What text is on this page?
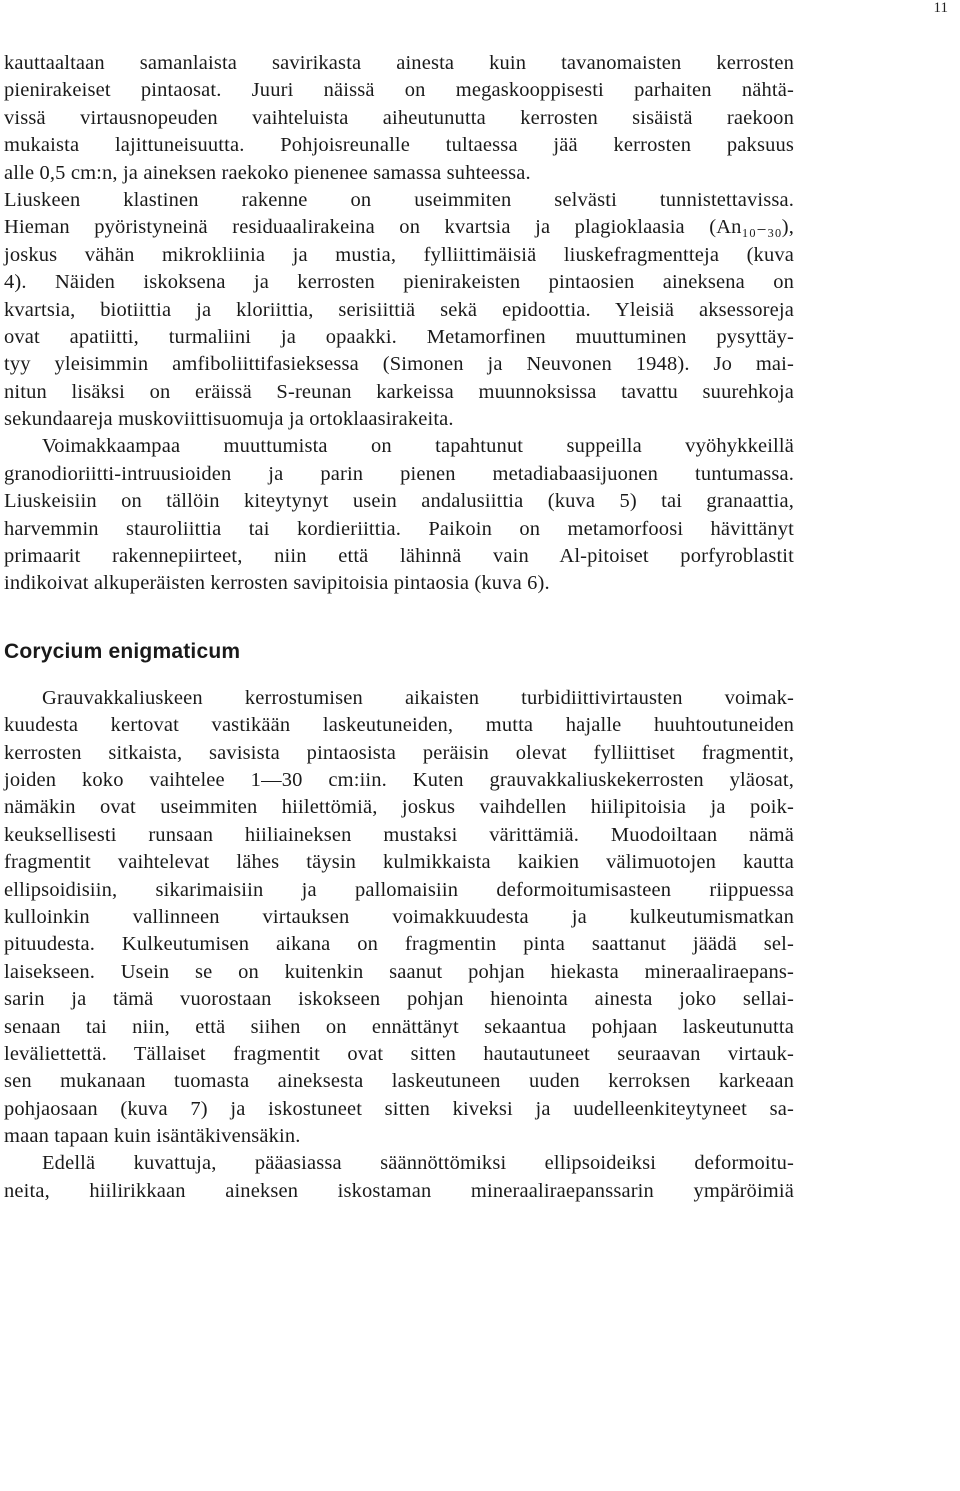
11
kauttaaltaan samanlaista savirikasta ainesta kuin tavanomaisten kerrosten
pienirakeiset pintaosat. Juuri näissä on megaskooppisesti parhaiten nähtä-
vissä virtausnopeuden vaihteluista aiheutunutta kerrosten sisäistä raekoon
mukaista lajittuneisuutta. Pohjoisreunalle tultaessa jää kerrosten paksuus
alle 0,5 cm:n, ja aineksen raekoko pienenee samassa suhteessa.
Liuskeen klastinen rakenne on useimmiten selvästi tunnistettavissa.
Hieman pyöristyneinä residuaalirakeina on kvartsia ja plagioklaasia (An₁₀₋₃₀),
joskus vähän mikrokliinia ja mustia, fylliittimäisiä liuskefragmentteja (kuva
4). Näiden iskoksena ja kerrosten pienirakeisten pintaosien aineksena on
kvartsia, biotiittia ja kloriittia, serisiittiä sekä epidoottia. Yleisiä aksessoreja
ovat apatiitti, turmaliini ja opaakki. Metamorfinen muuttuminen pysyttäy-
tyy yleisimmin amfiboliittifasieksessa (Simonen ja Neuvonen 1948). Jo mai-
nitun lisäksi on eräissä S-reunan karkeissa muunnoksissa tavattu suurehkoja
sekundaareja muskoviittisuomuja ja ortoklaasirakeita.
Voimakkaampaa muuttumista on tapahtunut suppeilla vyöhykkeillä
granodioriitti-intruusioiden ja parin pienen metadiabaasijuonen tuntumassa.
Liuskeisiin on tällöin kiteytynyt usein andalusiittia (kuva 5) tai granaattia,
harvemmin stauroliittia tai kordieriittia. Paikoin on metamorfoosi hävittänyt
primaarit rakennepiirteet, niin että lähinnä vain Al-pitoiset porfyroblastit
indikoivat alkuperäisten kerrosten savipitoisia pintaosia (kuva 6).
Corycium enigmaticum
Grauvakkaliuskeen kerrostumisen aikaisten turbidiittivirtausten voimak-
kuudesta kertovat vastikään laskeutuneiden, mutta hajalle huuhtoutuneiden
kerrosten sitkaista, savisista pintaosista peräisin olevat fylliittiset fragmentit,
joiden koko vaihtelee 1—30 cm:iin. Kuten grauvakkaliuskekerrosten yläosat,
nämäkin ovat useimmiten hiilettömiä, joskus vaihdellen hiilipitoisia ja poik-
keuksellisesti runsaan hiiliaineksen mustaksi värittämiä. Muodoiltaan nämä
fragmentit vaihtelevat lähes täysin kulmikkaista kaikien välimuotojen kautta
ellipsoidisiin, sikarimaisiin ja pallomaisiin deformoitumisasteen riippuessa
kulloinkin vallinneen virtauksen voimakkuudesta ja kulkeutumismatkan
pituudesta. Kulkeutumisen aikana on fragmentin pinta saattanut jäädä sel-
laisekseen. Usein se on kuitenkin saanut pohjan hiekasta mineraaliraepans-
sarin ja tämä vuorostaan iskokseen pohjan hienointa ainesta joko sellai-
senaan tai niin, että siihen on ennättänyt sekaantua pohjaan laskeutunutta
leväliettettä. Tällaiset fragmentit ovat sitten hautautuneet seuraavan virtauk-
sen mukanaan tuomasta aineksesta laskeutuneen uuden kerroksen karkeaan
pohjaosaan (kuva 7) ja iskostuneet sitten kiveksi ja uudelleenkiteytyneet sa-
maan tapaan kuin isäntäkivensäkin.
Edellä kuvattuja, pääasiassa säännöttömiksi ellipsoideiksi deformoitu-
neita, hiilirikkaan aineksen iskostaman mineraaliraepanssarin ympäröimiä
